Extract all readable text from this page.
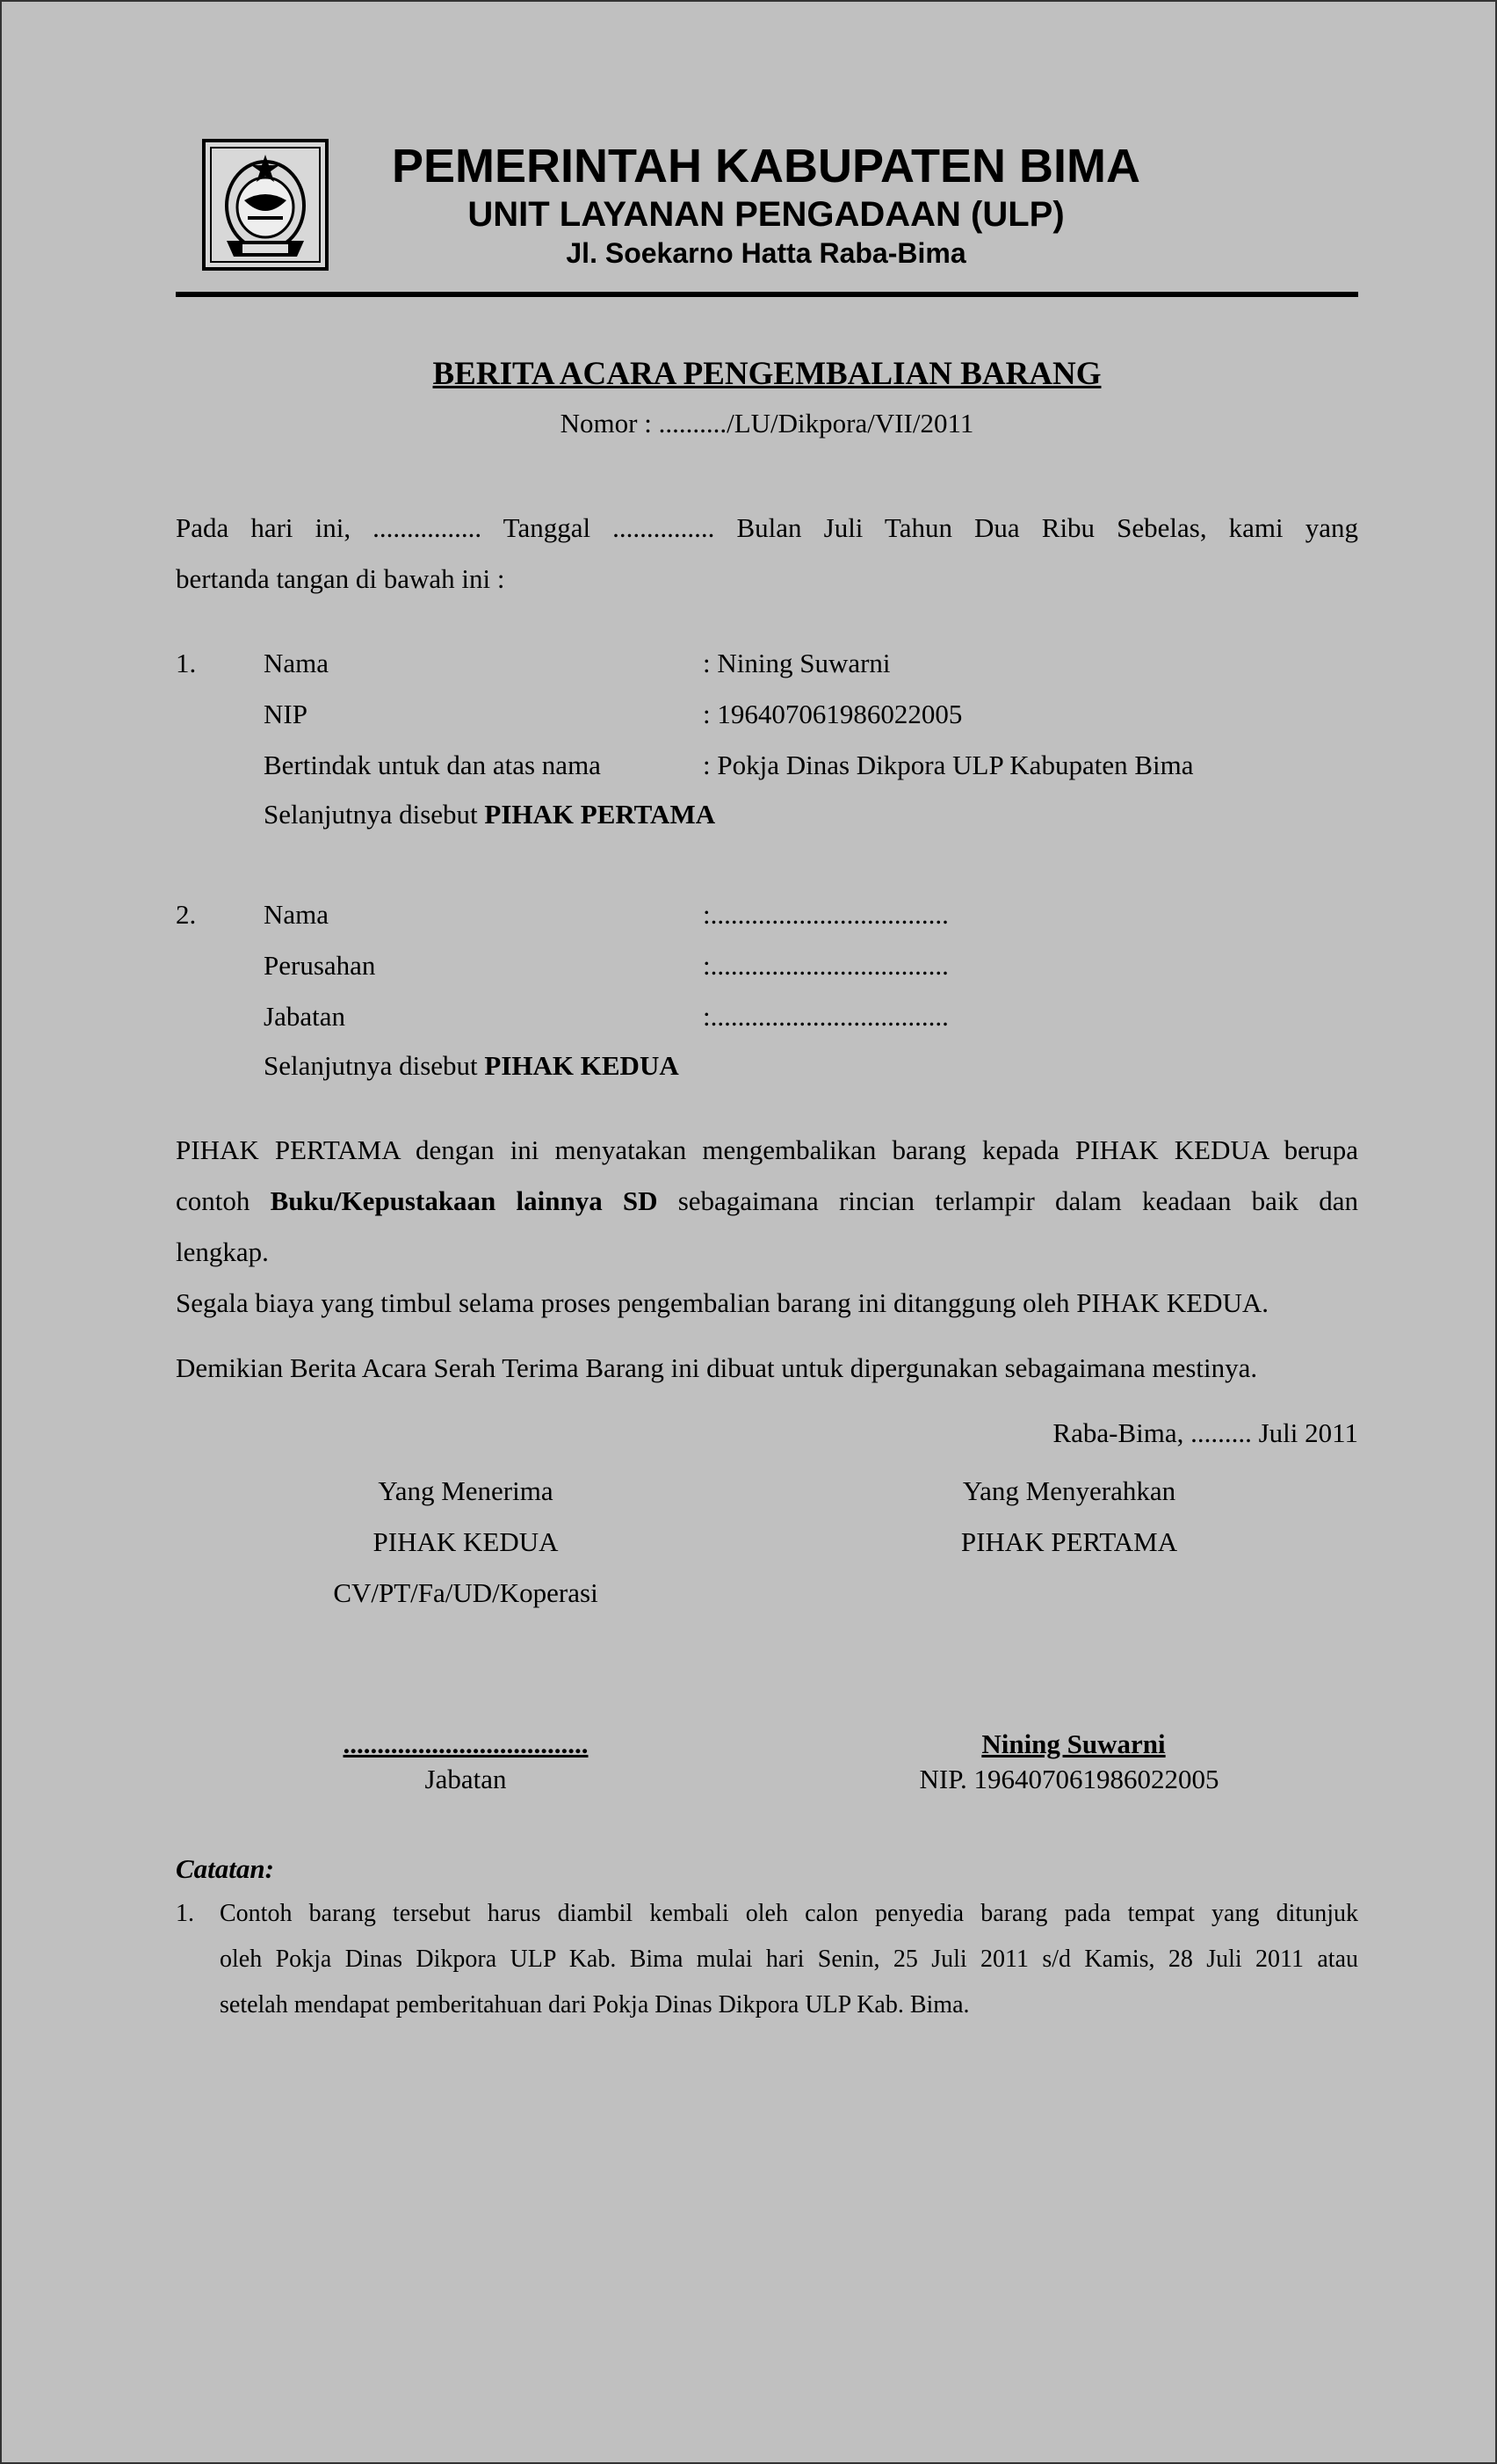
PEMERINTAH KABUPATEN BIMA
UNIT LAYANAN PENGADAAN (ULP)
Jl. Soekarno Hatta Raba-Bima
BERITA ACARA PENGEMBALIAN BARANG
Nomor : ........../LU/Dikpora/VII/2011
Pada hari ini, ................ Tanggal ............... Bulan Juli Tahun Dua Ribu Sebelas, kami yang
bertanda tangan di bawah ini :
1. Nama	: Nining Suwarni
NIP	: 196407061986022005
Bertindak untuk dan atas nama	: Pokja Dinas Dikpora ULP Kabupaten Bima
Selanjutnya disebut PIHAK PERTAMA
2. Nama	:...................................
Perusahan	:...................................
Jabatan	:...................................
Selanjutnya disebut PIHAK KEDUA
PIHAK PERTAMA dengan ini menyatakan mengembalikan barang kepada PIHAK KEDUA berupa
contoh Buku/Kepustakaan lainnya SD sebagaimana rincian terlampir dalam keadaan baik dan
lengkap.
Segala biaya yang timbul selama proses pengembalian barang ini ditanggung oleh PIHAK KEDUA.
Demikian Berita Acara Serah Terima Barang ini dibuat untuk dipergunakan sebagaimana mestinya.
Raba-Bima, ......... Juli 2011
Yang Menerima
PIHAK KEDUA
CV/PT/Fa/UD/Koperasi
....................................
Jabatan
Yang Menyerahkan
PIHAK PERTAMA
Nining Suwarni
NIP. 196407061986022005
Catatan:
1. Contoh barang tersebut harus diambil kembali oleh calon penyedia barang pada tempat yang ditunjuk
oleh Pokja Dinas Dikpora ULP Kab. Bima mulai hari Senin, 25 Juli 2011 s/d Kamis, 28 Juli 2011 atau
setelah mendapat pemberitahuan dari Pokja Dinas Dikpora ULP Kab. Bima.
